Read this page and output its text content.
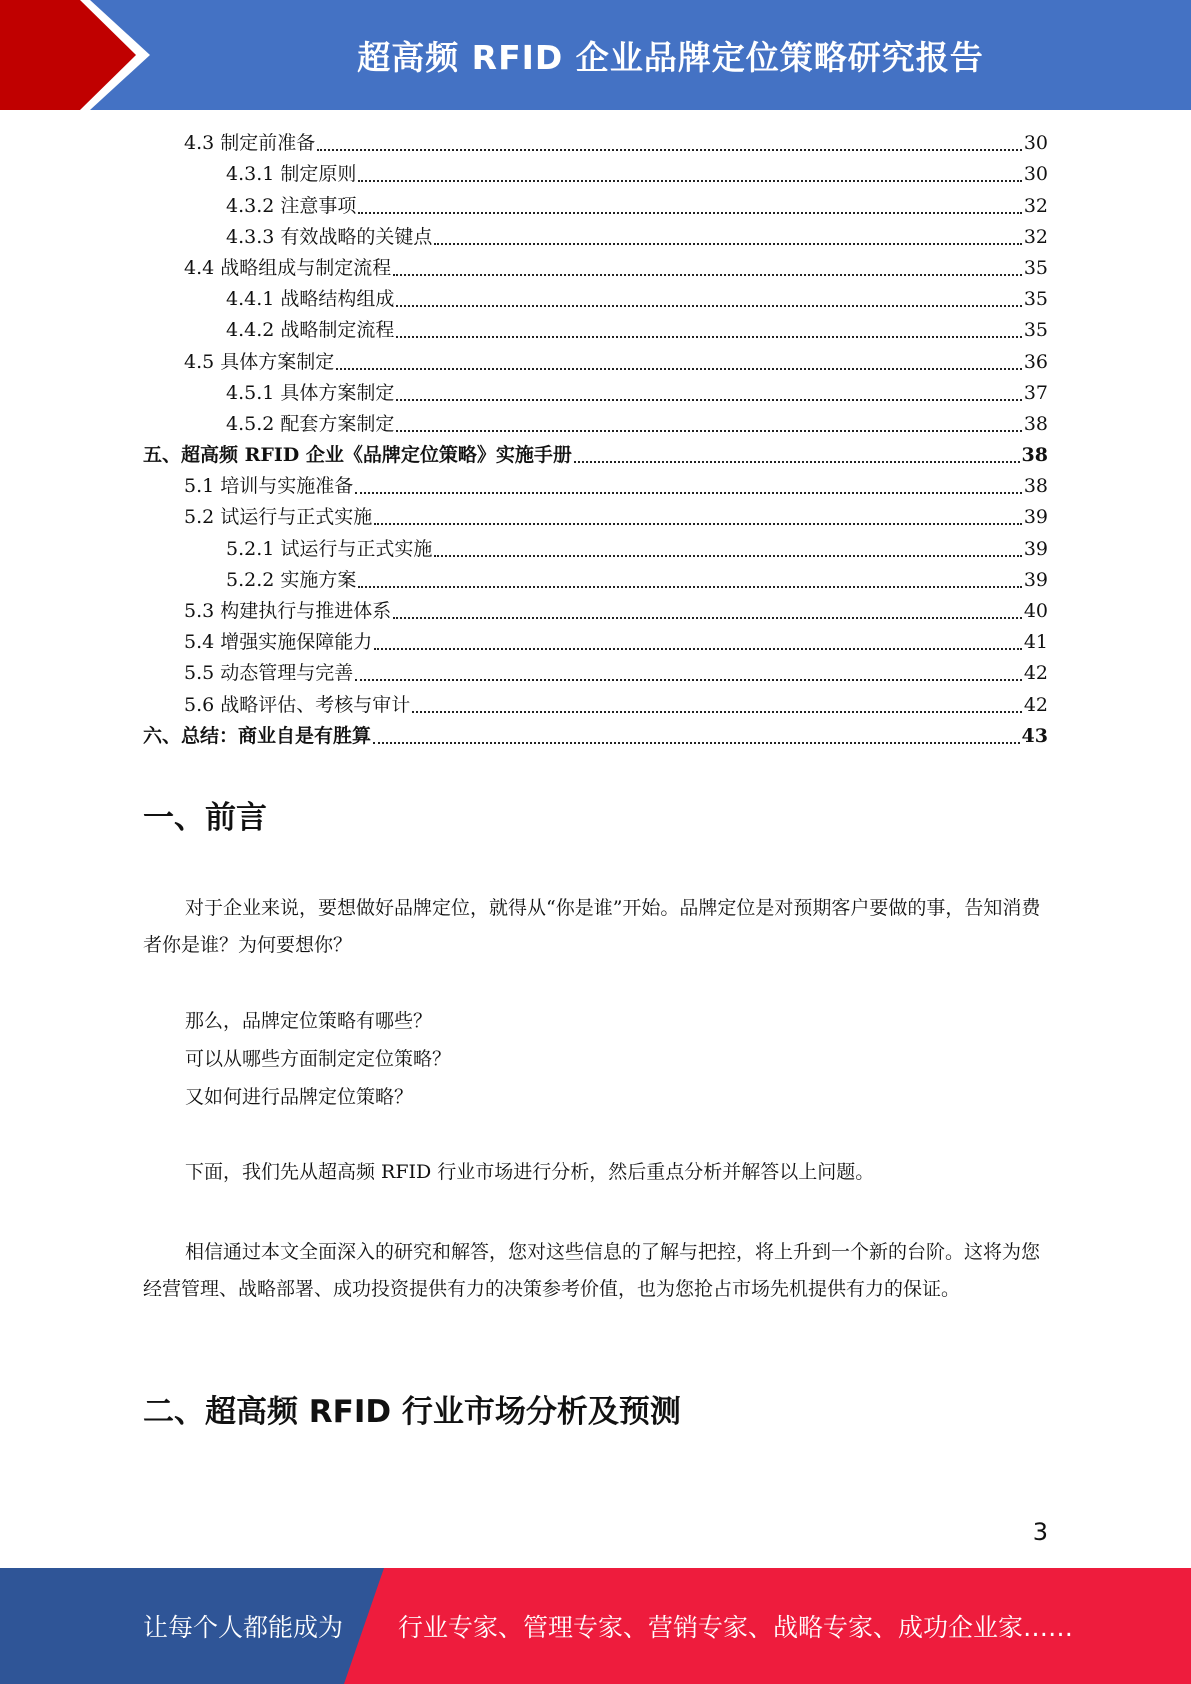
超高频 RFID 企业品牌定位策略研究报告
4.3 制定前准备	30
4.3.1 制定原则	30
4.3.2 注意事项	32
4.3.3 有效战略的关键点	32
4.4 战略组成与制定流程	35
4.4.1 战略结构组成	35
4.4.2 战略制定流程	35
4.5 具体方案制定	36
4.5.1 具体方案制定	37
4.5.2 配套方案制定	38
五、超高频 RFID 企业《品牌定位策略》实施手册	38
5.1 培训与实施准备	38
5.2 试运行与正式实施	39
5.2.1 试运行与正式实施	39
5.2.2 实施方案	39
5.3 构建执行与推进体系	40
5.4 增强实施保障能力	41
5.5 动态管理与完善	42
5.6 战略评估、考核与审计	42
六、总结：商业自是有胜算	43
一、前言

对于企业来说，要想做好品牌定位，就得从“你是谁”开始。品牌定位是对预期客户要做的事，告知消费者你是谁？为何要想你？

那么，品牌定位策略有哪些？
可以从哪些方面制定定位策略？
又如何进行品牌定位策略？

下面，我们先从超高频 RFID 行业市场进行分析，然后重点分析并解答以上问题。

相信通过本文全面深入的研究和解答，您对这些信息的了解与把控，将上升到一个新的台阶。这将为您经营管理、战略部署、成功投资提供有力的决策参考价值，也为您抢占市场先机提供有力的保证。

二、超高频 RFID 行业市场分析及预测
3
让每个人都能成为 行业专家、管理专家、营销专家、战略专家、成功企业家……
